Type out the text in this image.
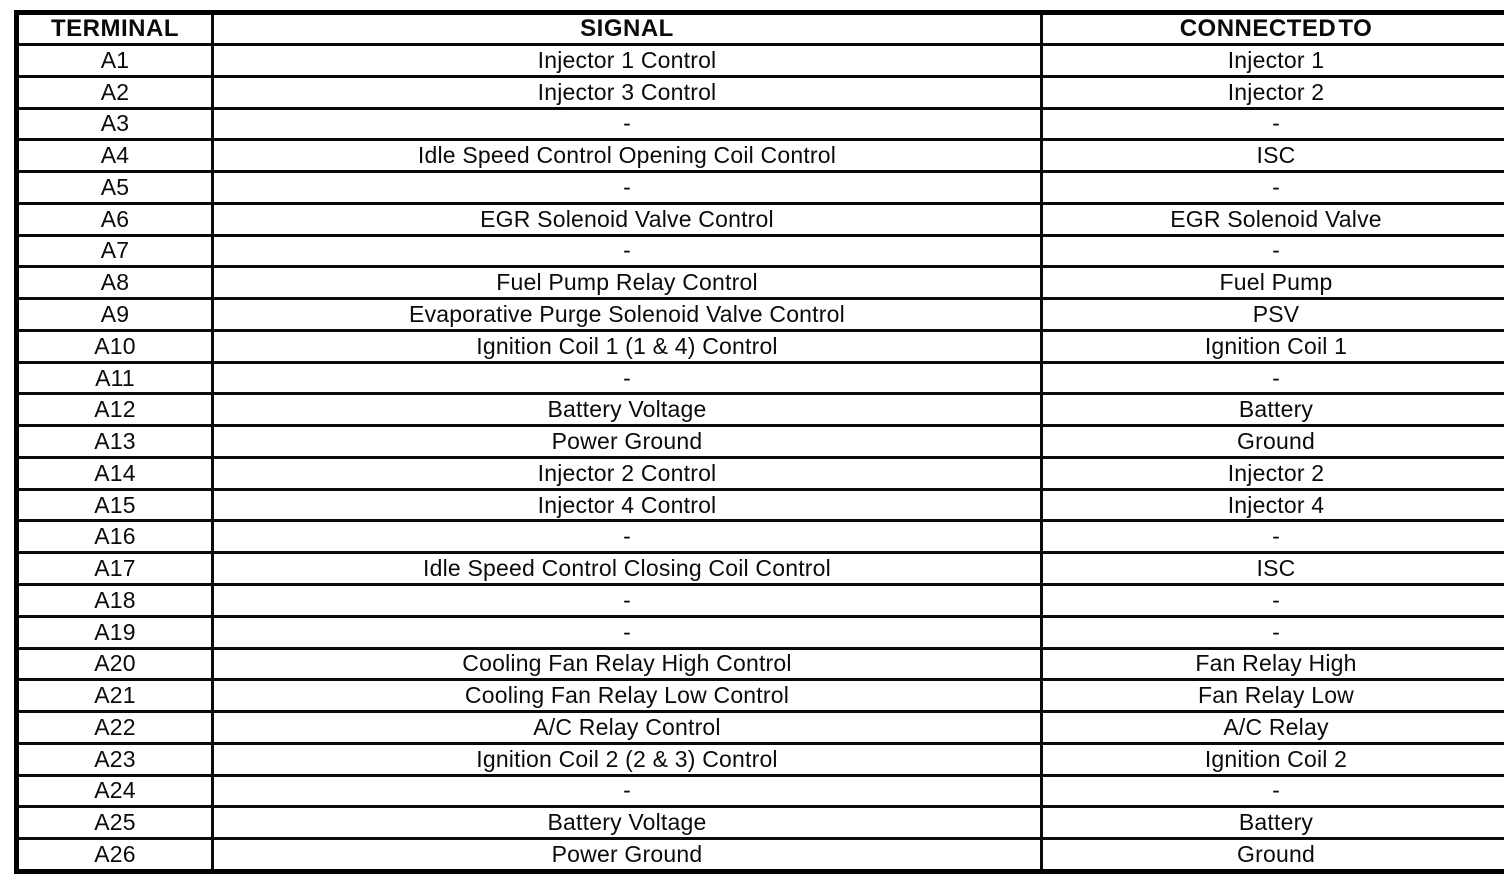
TERMINAL	SIGNAL	CONNECTED TO
A1	Injector 1 Control	Injector 1
A2	Injector 3 Control	Injector 2
A3	-	-
A4	Idle Speed Control Opening Coil Control	ISC
A5	-	-
A6	EGR Solenoid Valve Control	EGR Solenoid Valve
A7	-	-
A8	Fuel Pump Relay Control	Fuel Pump
A9	Evaporative Purge Solenoid Valve Control	PSV
A10	Ignition Coil 1 (1 & 4) Control	Ignition Coil 1
A11	-	-
A12	Battery Voltage	Battery
A13	Power Ground	Ground
A14	Injector 2 Control	Injector 2
A15	Injector 4 Control	Injector 4
A16	-	-
A17	Idle Speed Control Closing Coil Control	ISC
A18	-	-
A19	-	-
A20	Cooling Fan Relay High Control	Fan Relay High
A21	Cooling Fan Relay Low Control	Fan Relay Low
A22	A/C Relay Control	A/C Relay
A23	Ignition Coil 2 (2 & 3) Control	Ignition Coil 2
A24	-	-
A25	Battery Voltage	Battery
A26	Power Ground	Ground
